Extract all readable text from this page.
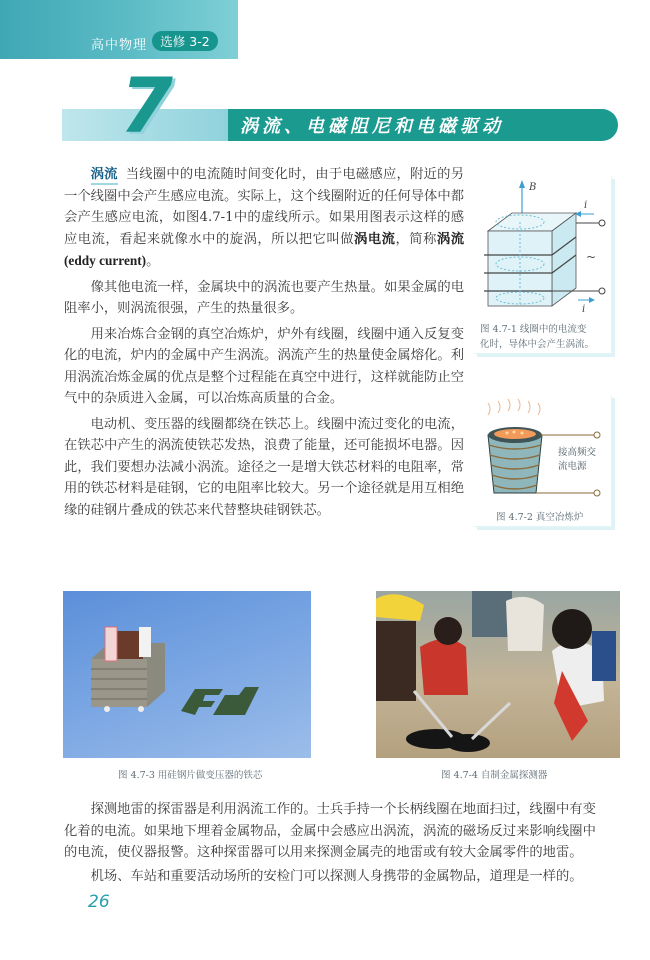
高中物理	选修 3-2
涡流、电磁阻尼和电磁驱动
7

涡流 当线圈中的电流随时间变化时，由于电磁感应，附近的另一个线圈中会产生感应电流。实际上，这个线圈附近的任何导体中都会产生感应电流，如图4.7-1中的虚线所示。如果用图表示这样的感应电流，看起来就像水中的旋涡，所以把它叫做涡电流，简称涡流(eddy current)。

像其他电流一样，金属块中的涡流也要产生热量。如果金属的电阻率小，则涡流很强，产生的热量很多。

用来冶炼合金钢的真空冶炼炉，炉外有线圈，线圈中通入反复变化的电流，炉内的金属中产生涡流。涡流产生的热量使金属熔化。利用涡流冶炼金属的优点是整个过程能在真空中进行，这样就能防止空气中的杂质进入金属，可以冶炼高质量的合金。

电动机、变压器的线圈都绕在铁芯上。线圈中流过变化的电流，在铁芯中产生的涡流使铁芯发热，浪费了能量，还可能损坏电器。因此，我们要想办法减小涡流。途径之一是增大铁芯材料的电阻率，常用的铁芯材料是硅钢，它的电阻率比较大。另一个途径就是用互相绝缘的硅钢片叠成的铁芯来代替整块硅钢铁芯。

B
i
i
~
图 4.7-1 线圈中的电流变
化时，导体中会产生涡流。
接高频交
流电源
图 4.7-2 真空冶炼炉
图 4.7-3 用硅钢片做变压器的铁芯	图 4.7-4 自制金属探测器

探测地雷的探雷器是利用涡流工作的。士兵手持一个长柄线圈在地面扫过，线圈中有变

化着的电流。如果地下埋着金属物品，金属中会感应出涡流，涡流的磁场反过来影响线圈中

的电流，使仪器报警。这种探雷器可以用来探测金属壳的地雷或有较大金属零件的地雷。

机场、车站和重要活动场所的安检门可以探测人身携带的金属物品，道理是一样的。

26
